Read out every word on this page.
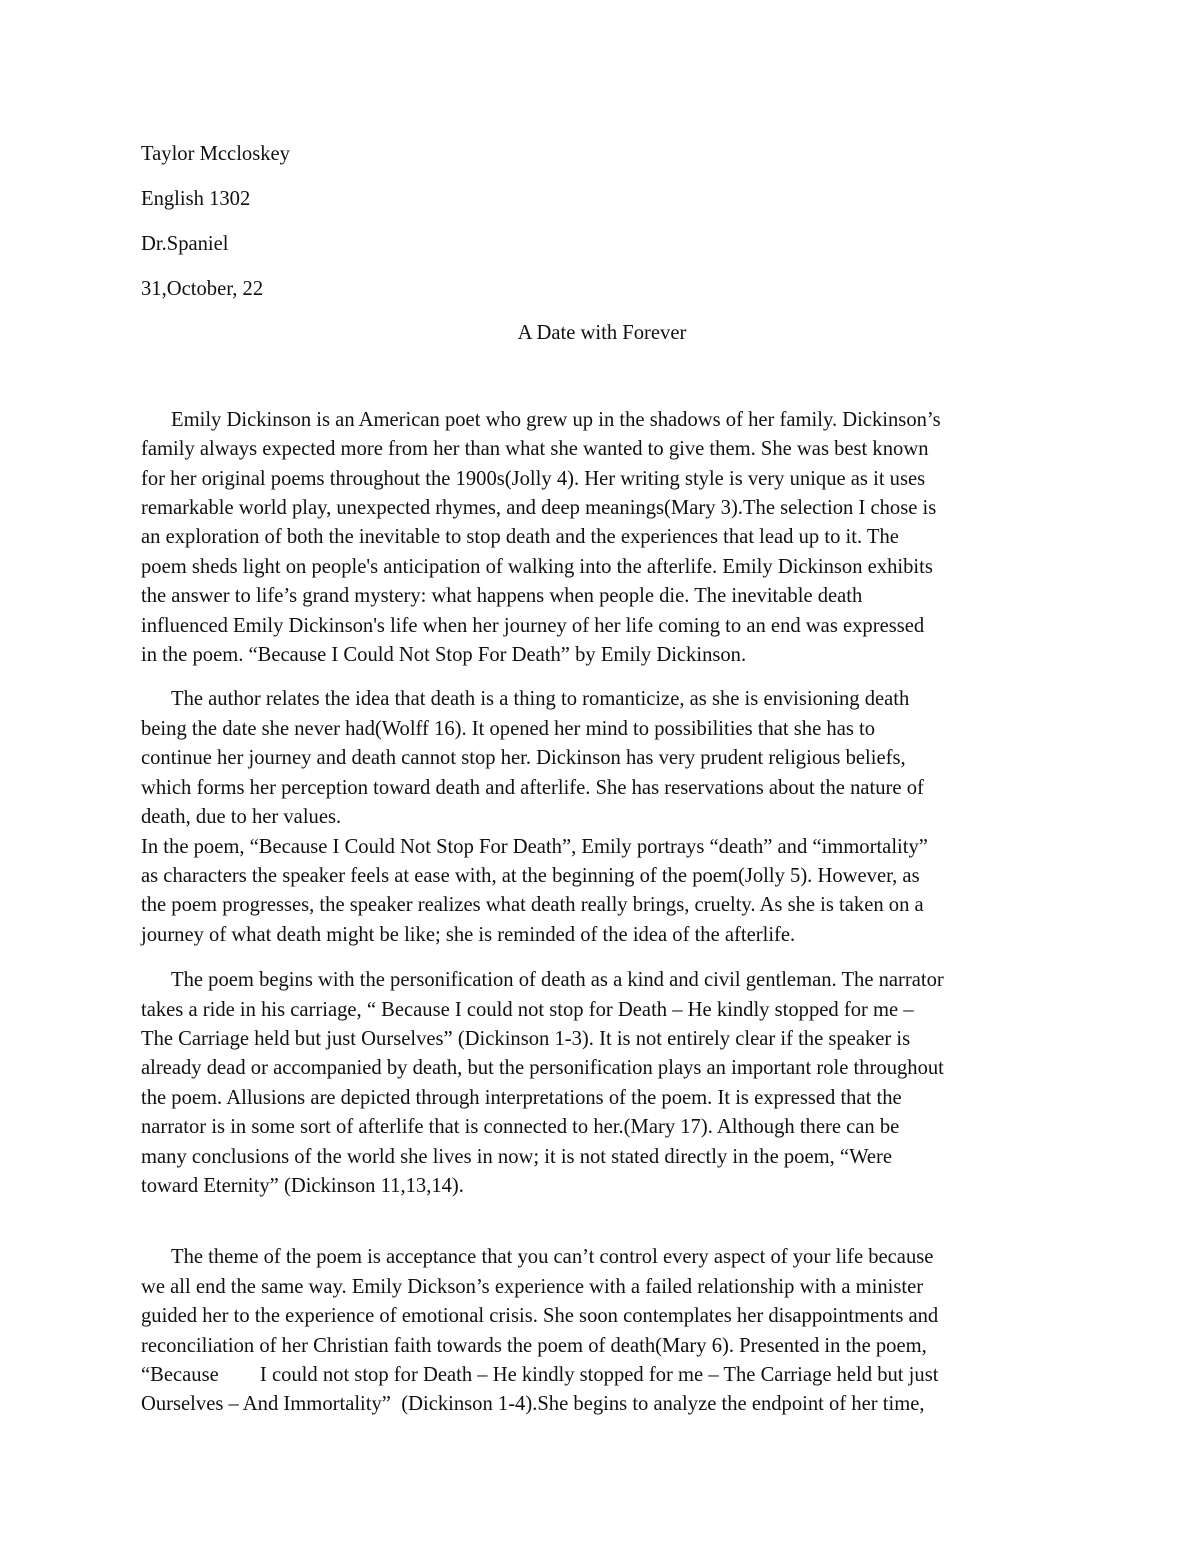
Taylor Mccloskey
English 1302
Dr.Spaniel
31,October, 22
A Date with Forever
Emily Dickinson is an American poet who grew up in the shadows of her family. Dickinson’s
family always expected more from her than what she wanted to give them. She was best known
for her original poems throughout the 1900s(Jolly 4). Her writing style is very unique as it uses
remarkable world play, unexpected rhymes, and deep meanings(Mary 3).The selection I chose is
an exploration of both the inevitable to stop death and the experiences that lead up to it. The
poem sheds light on people's anticipation of walking into the afterlife. Emily Dickinson exhibits
the answer to life’s grand mystery: what happens when people die. The inevitable death
influenced Emily Dickinson's life when her journey of her life coming to an end was expressed
in the poem. “Because I Could Not Stop For Death” by Emily Dickinson.
The author relates the idea that death is a thing to romanticize, as she is envisioning death
being the date she never had(Wolff 16). It opened her mind to possibilities that she has to
continue her journey and death cannot stop her. Dickinson has very prudent religious beliefs,
which forms her perception toward death and afterlife. She has reservations about the nature of
death, due to her values.
In the poem, “Because I Could Not Stop For Death”, Emily portrays “death” and “immortality”
as characters the speaker feels at ease with, at the beginning of the poem(Jolly 5). However, as
the poem progresses, the speaker realizes what death really brings, cruelty. As she is taken on a
journey of what death might be like; she is reminded of the idea of the afterlife.
The poem begins with the personification of death as a kind and civil gentleman. The narrator
takes a ride in his carriage, “ Because I could not stop for Death – He kindly stopped for me –
The Carriage held but just Ourselves” (Dickinson 1-3). It is not entirely clear if the speaker is
already dead or accompanied by death, but the personification plays an important role throughout
the poem. Allusions are depicted through interpretations of the poem. It is expressed that the
narrator is in some sort of afterlife that is connected to her.(Mary 17). Although there can be
many conclusions of the world she lives in now; it is not stated directly in the poem, “Were
toward Eternity” (Dickinson 11,13,14).
The theme of the poem is acceptance that you can’t control every aspect of your life because
we all end the same way. Emily Dickson’s experience with a failed relationship with a minister
guided her to the experience of emotional crisis. She soon contemplates her disappointments and
reconciliation of her Christian faith towards the poem of death(Mary 6). Presented in the poem,
“Because        I could not stop for Death – He kindly stopped for me – The Carriage held but just
Ourselves – And Immortality”  (Dickinson 1-4).She begins to analyze the endpoint of her time,
